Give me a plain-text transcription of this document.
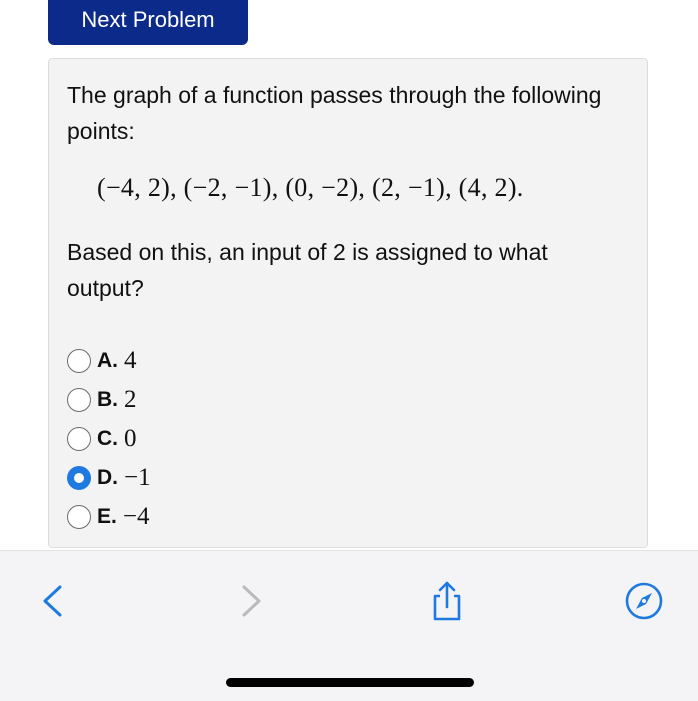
Next Problem
The graph of a function passes through the following points:
(−4, 2), (−2, −1), (0, −2), (2, −1), (4, 2).
Based on this, an input of 2 is assigned to what output?
A. 4
B. 2
C. 0
D. −1
E. −4
